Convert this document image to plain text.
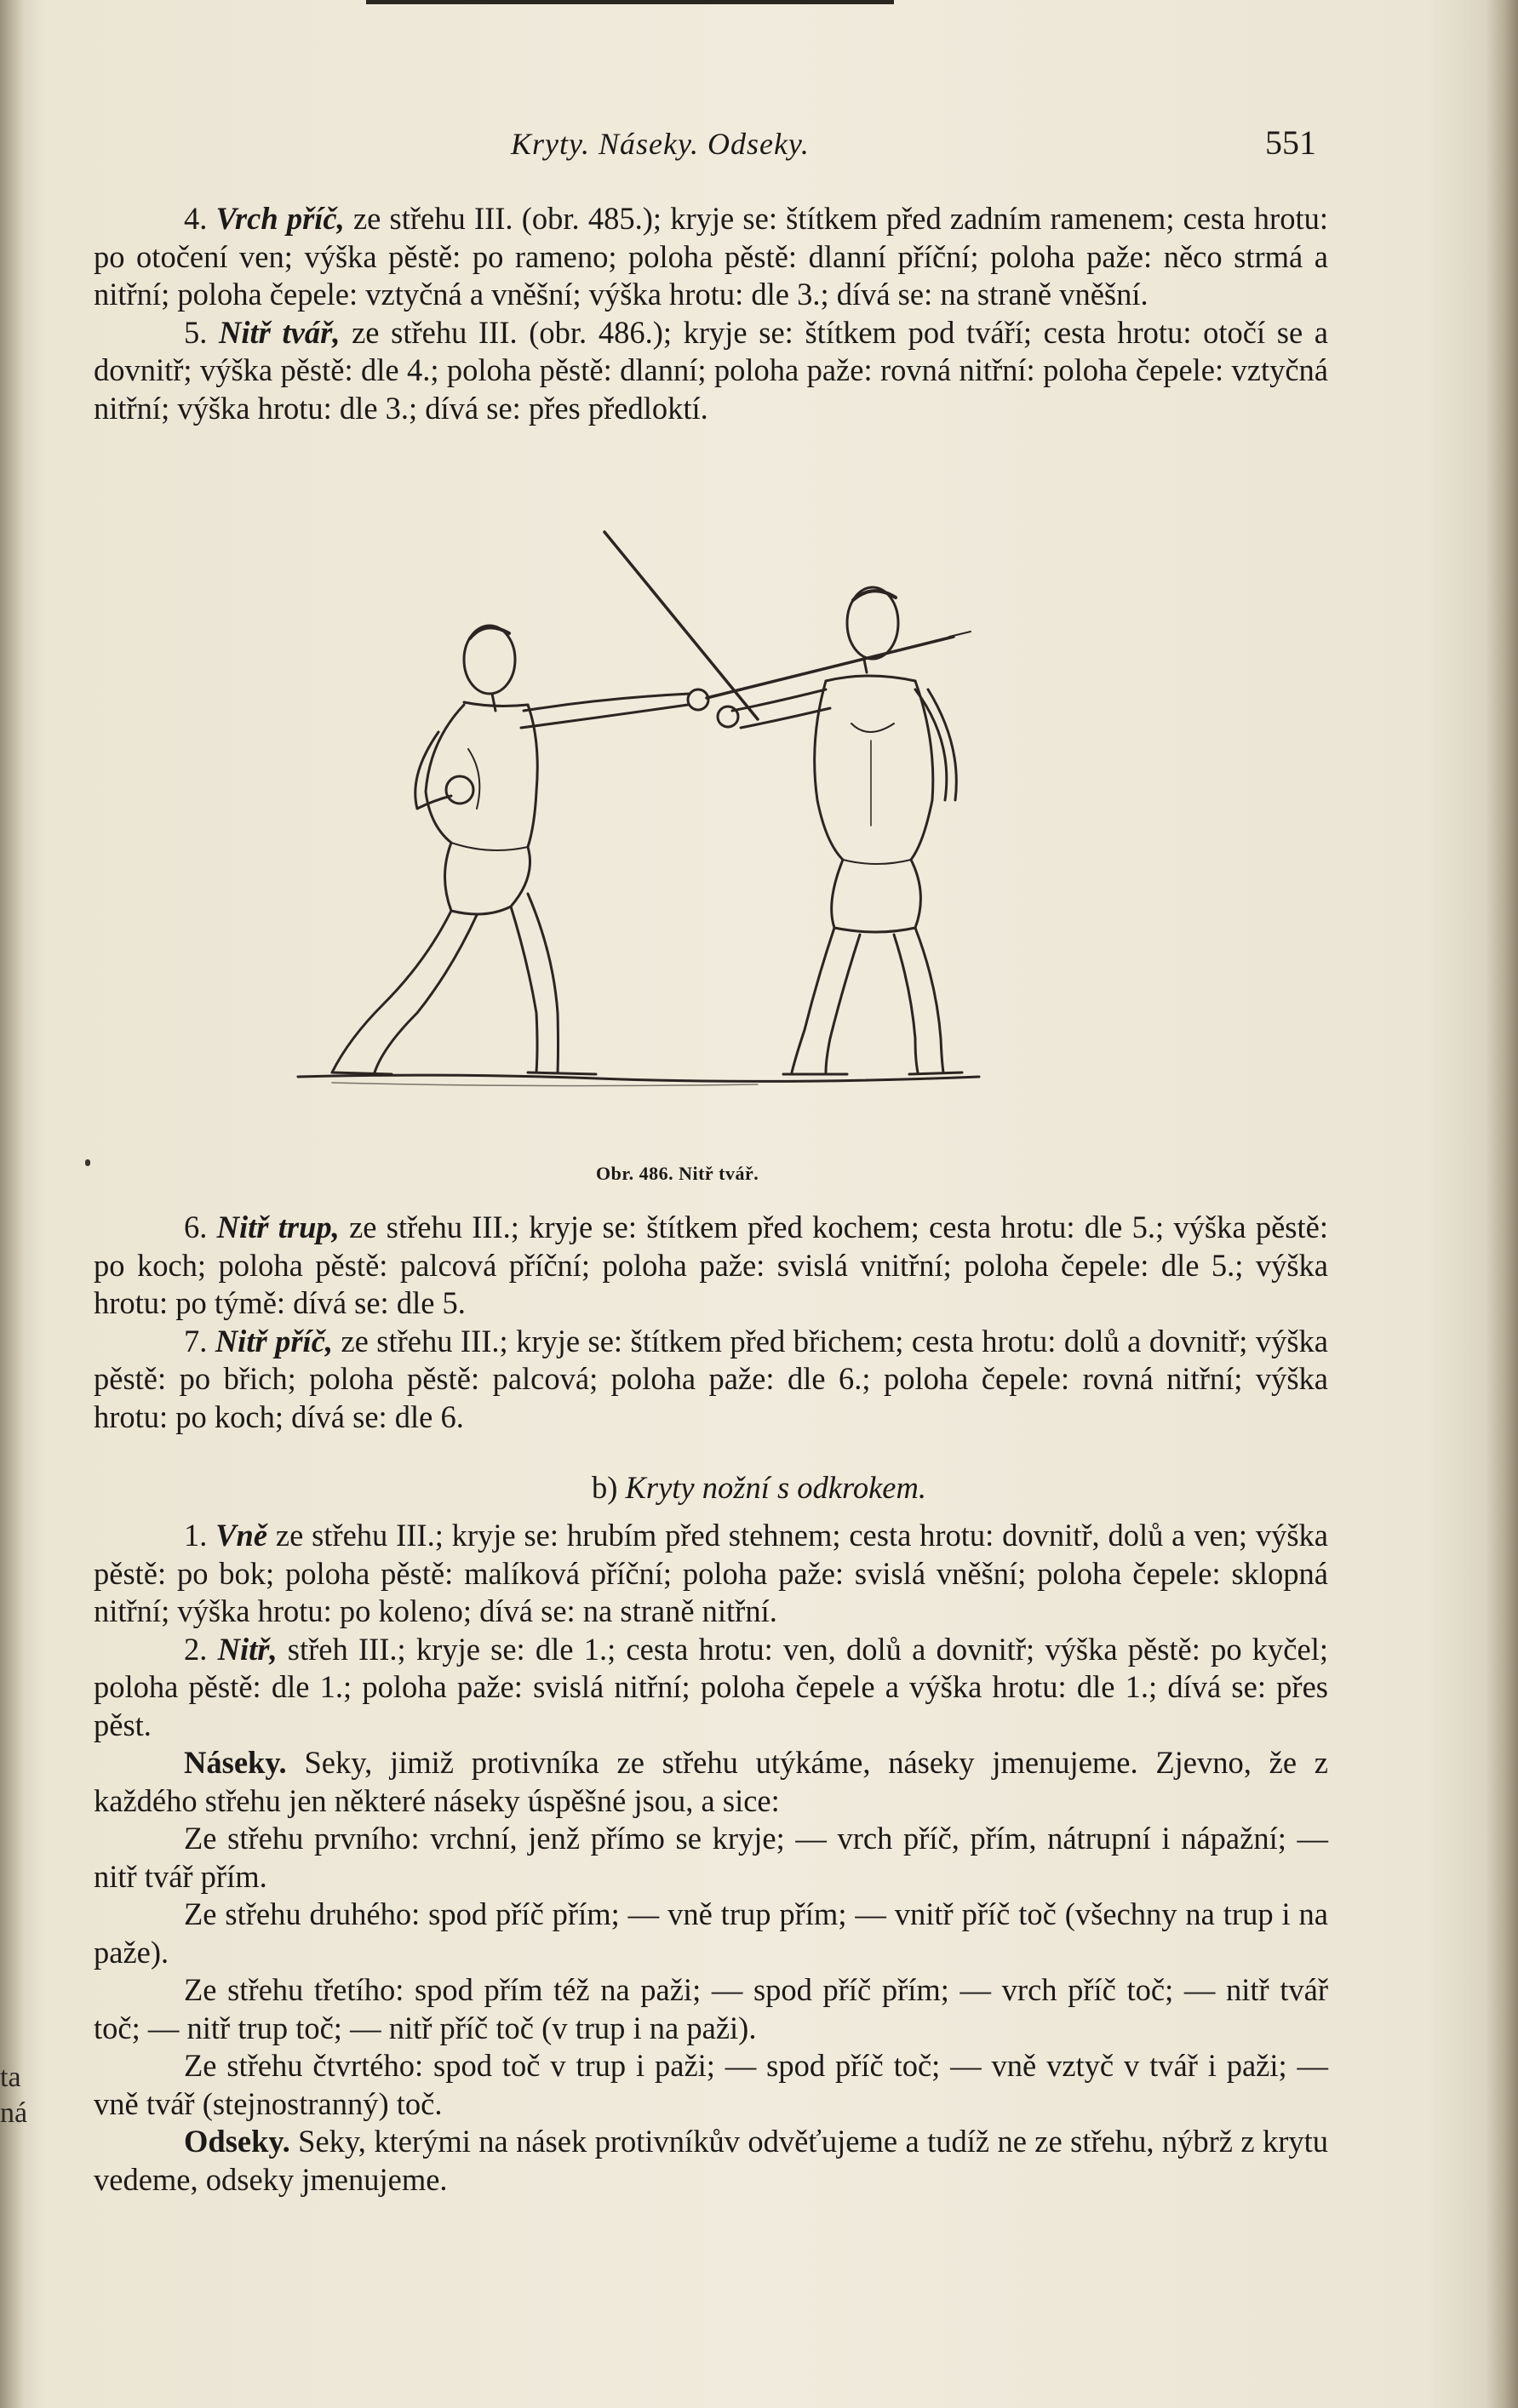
ta
ná
Kryty. Náseky. Odseky.	551

4. Vrch příč, ze střehu III. (obr. 485.); kryje se: štítkem před zadním ramenem; cesta hrotu: po otočení ven; výška pěstě: po rameno; poloha pěstě: dlanní příční; poloha paže: něco strmá a nitřní; poloha čepele: vztyčná a vněšní; výška hrotu: dle 3.; dívá se: na straně vněšní.

5. Nitř tvář, ze střehu III. (obr. 486.); kryje se: štítkem pod tváří; cesta hrotu: otočí se a dovnitř; výška pěstě: dle 4.; poloha pěstě: dlanní; poloha paže: rovná nitřní: poloha čepele: vztyčná nitřní; výška hrotu: dle 3.; dívá se: přes předloktí.

Obr. 486. Nitř tvář.

6. Nitř trup, ze střehu III.; kryje se: štítkem před kochem; cesta hrotu: dle 5.; výška pěstě: po koch; poloha pěstě: palcová příční; poloha paže: svislá vnitřní; poloha čepele: dle 5.; výška hrotu: po týmě: dívá se: dle 5.

7. Nitř příč, ze střehu III.; kryje se: štítkem před břichem; cesta hrotu: dolů a dovnitř; výška pěstě: po břich; poloha pěstě: palcová; poloha paže: dle 6.; poloha čepele: rovná nitřní; výška hrotu: po koch; dívá se: dle 6.

b) Kryty nožní s odkrokem.

1. Vně ze střehu III.; kryje se: hrubím před stehnem; cesta hrotu: dovnitř, dolů a ven; výška pěstě: po bok; poloha pěstě: malíková příční; poloha paže: svislá vněšní; poloha čepele: sklopná nitřní; výška hrotu: po koleno; dívá se: na straně nitřní.

2. Nitř, střeh III.; kryje se: dle 1.; cesta hrotu: ven, dolů a dovnitř; výška pěstě: po kyčel; poloha pěstě: dle 1.; poloha paže: svislá nitřní; poloha čepele a výška hrotu: dle 1.; dívá se: přes pěst.

Náseky. Seky, jimiž protivníka ze střehu utýkáme, náseky jmenujeme. Zjevno, že z každého střehu jen některé náseky úspěšné jsou, a sice:

Ze střehu prvního: vrchní, jenž přímo se kryje; — vrch příč, přím, nátrupní i nápažní; — nitř tvář přím.

Ze střehu druhého: spod příč přím; — vně trup přím; — vnitř příč toč (všechny na trup i na paže).

Ze střehu třetího: spod přím též na paži; — spod příč přím; — vrch příč toč; — nitř tvář toč; — nitř trup toč; — nitř příč toč (v trup i na paži).

Ze střehu čtvrtého: spod toč v trup i paži; — spod příč toč; — vně vztyč v tvář i paži; — vně tvář (stejnostranný) toč.

Odseky. Seky, kterými na násek protivníkův odvěťujeme a tudíž ne ze střehu, nýbrž z krytu vedeme, odseky jmenujeme.
